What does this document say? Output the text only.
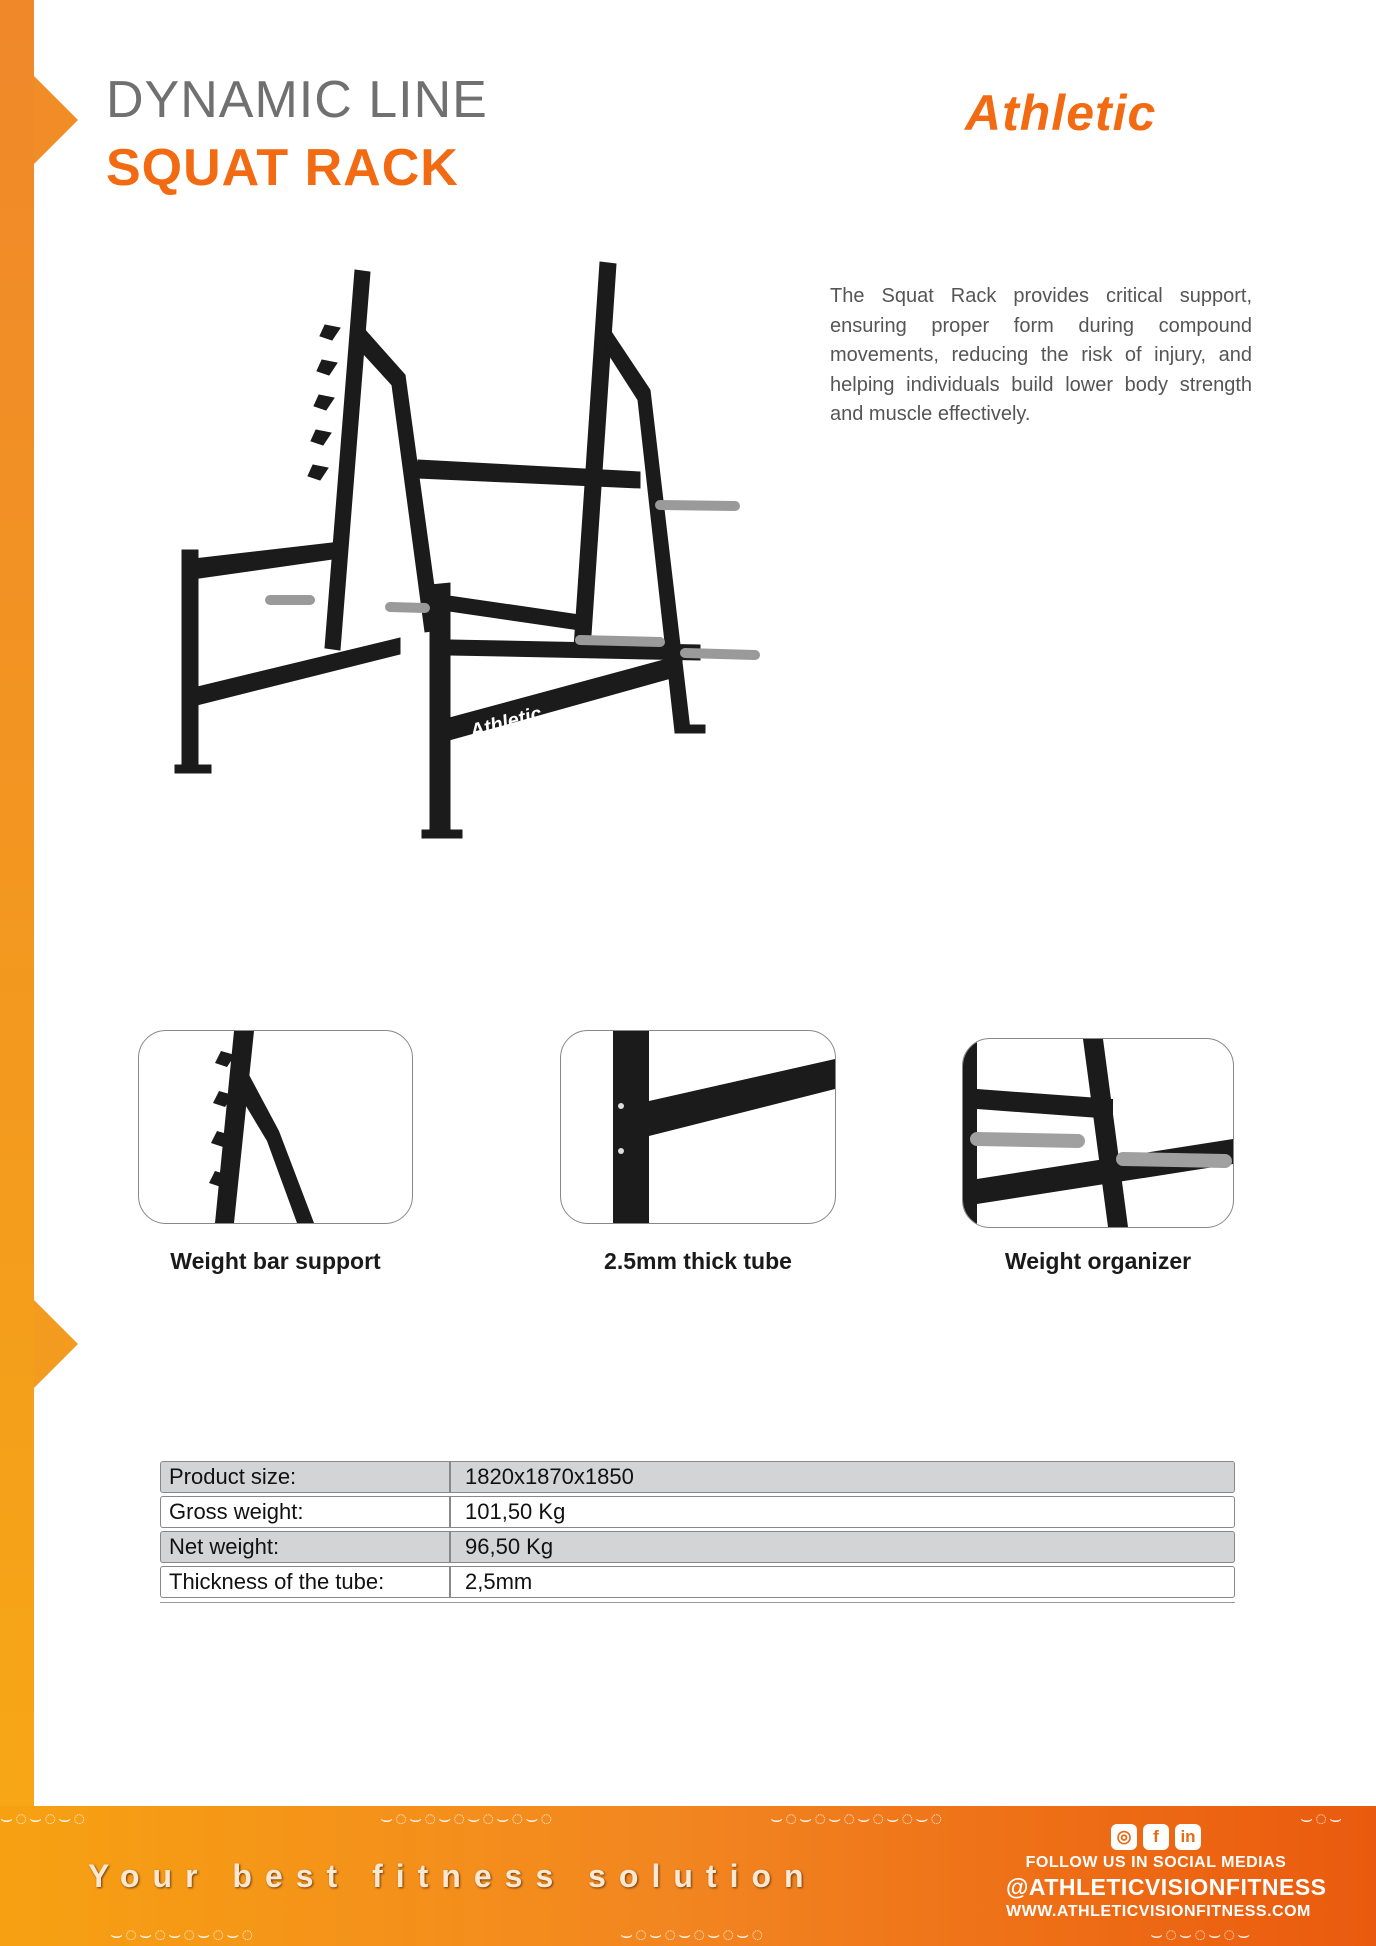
DYNAMIC LINE
SQUAT RACK
Athletic

The Squat Rack provides critical support, ensuring proper form during compound movements, reducing the risk of injury, and helping individuals build lower body strength and muscle effectively.

Athletic
Weight bar support	2.5mm thick tube	Weight organizer
Product size:	1820x1870x1850
Gross weight:	101,50 Kg
Net weight:	96,50 Kg
Thickness of the tube:	2,5mm
⌣◌⌣◌⌣◌	⌣◌⌣◌⌣◌⌣◌⌣◌⌣◌	⌣◌⌣◌⌣◌⌣◌⌣◌⌣◌	⌣◌⌣
⌣◌⌣◌⌣◌⌣◌⌣◌	⌣◌⌣◌⌣◌⌣◌⌣◌	⌣◌⌣◌⌣◌⌣
Your best fitness solution
◎	f	in
FOLLOW US IN SOCIAL MEDIAS
@ATHLETICVISIONFITNESS
WWW.ATHLETICVISIONFITNESS.COM
